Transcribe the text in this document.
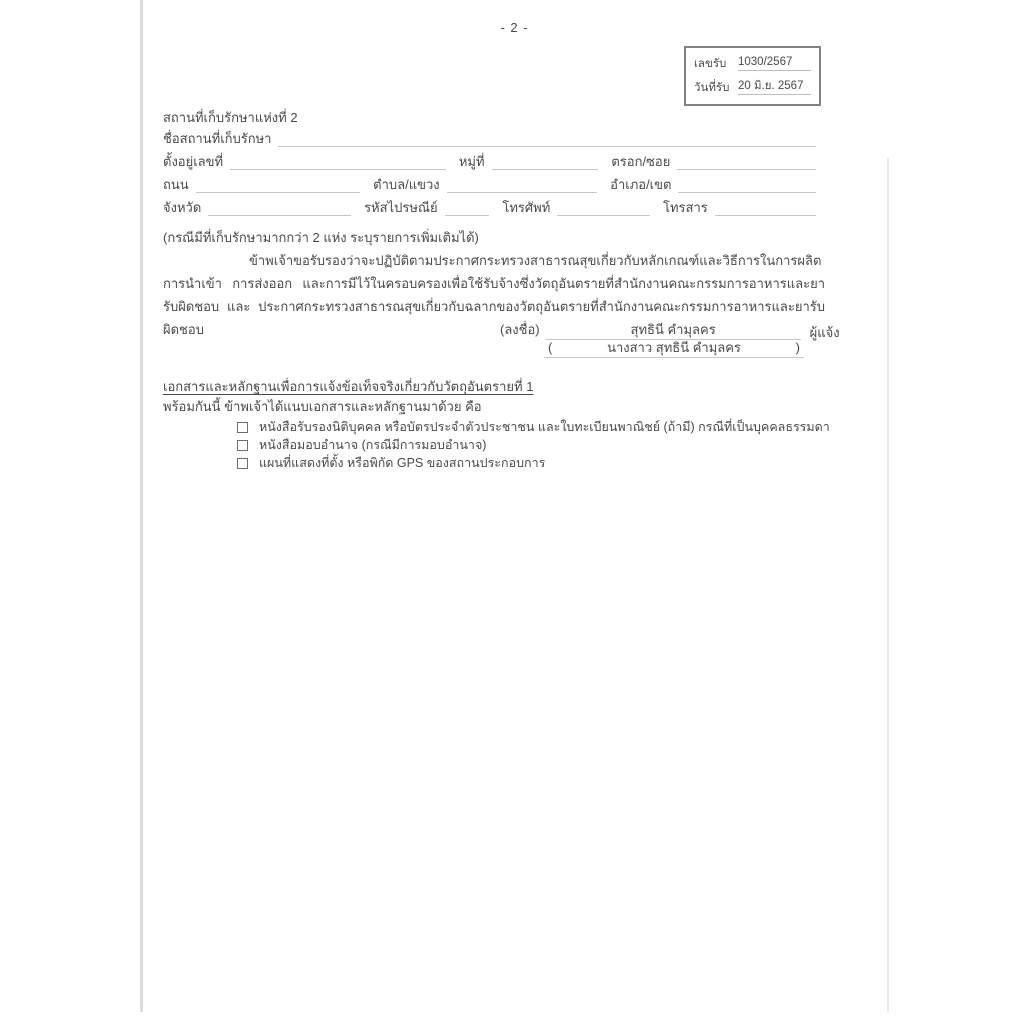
- 2 -
เลขรับ	1030/2567
วันที่รับ 20 มิ.ย. 2567
สถานที่เก็บรักษาแห่งที่ 2
ชื่อสถานที่เก็บรักษา
ตั้งอยู่เลขที่	หมู่ที่	ตรอก/ซอย
ถนน	ตำบล/แขวง	อำเภอ/เขต
จังหวัด	รหัสไปรษณีย์	โทรศัพท์	โทรสาร
(กรณีมีที่เก็บรักษามากกว่า 2 แห่ง ระบุรายการเพิ่มเติมได้)
ข้าพเจ้าขอรับรองว่าจะปฏิบัติตามประกาศกระทรวงสาธารณสุขเกี่ยวกับหลักเกณฑ์และวิธีการในการผลิต การนำเข้า การส่งออก และการมีไว้ในครอบครองเพื่อใช้รับจ้างซึ่งวัตถุอันตรายที่สำนักงานคณะกรรมการอาหารและยารับผิดชอบ และ ประกาศกระทรวงสาธารณสุขเกี่ยวกับฉลากของวัตถุอันตรายที่สำนักงานคณะกรรมการอาหารและยารับผิดชอบ	(ลงชื่อ)	สุทธินี คำมุลคร	ผู้แจ้ง
(	นางสาว สุทธินี คำมุลคร	)
เอกสารและหลักฐานเพื่อการแจ้งข้อเท็จจริงเกี่ยวกับวัตถุอันตรายที่ 1
พร้อมกันนี้ ข้าพเจ้าได้แนบเอกสารและหลักฐานมาด้วย คือ
หนังสือรับรองนิติบุคคล หรือบัตรประจำตัวประชาชน และใบทะเบียนพาณิชย์ (ถ้ามี) กรณีที่เป็นบุคคลธรรมดา
หนังสือมอบอำนาจ (กรณีมีการมอบอำนาจ)
แผนที่แสดงที่ตั้ง หรือพิกัด GPS ของสถานประกอบการ
